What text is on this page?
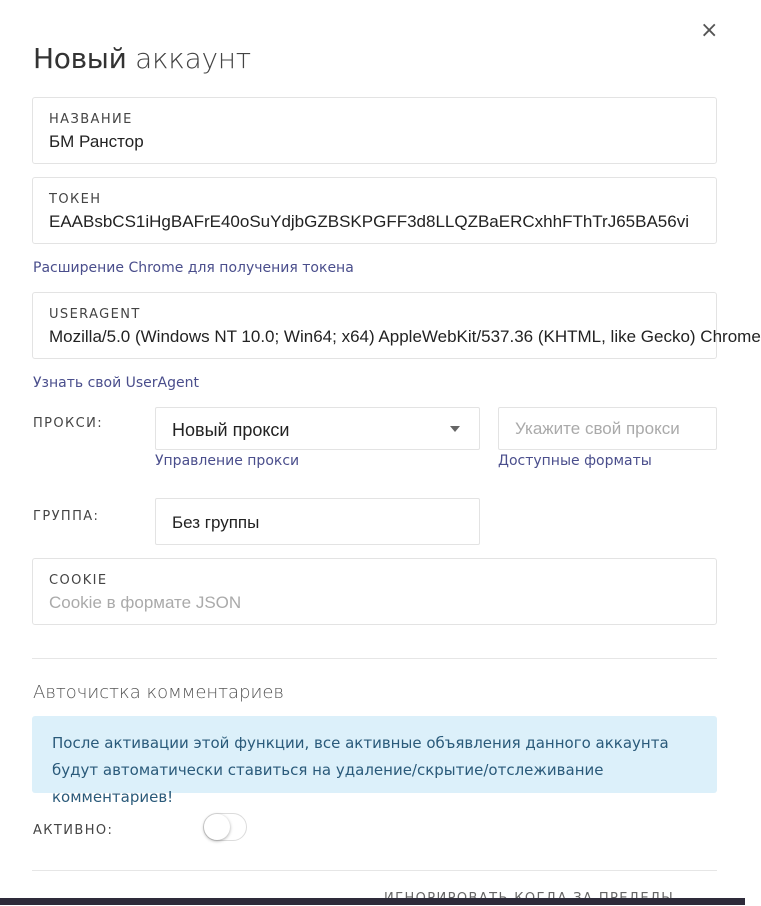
×
Новый аккаунт
НАЗВАНИЕ
БМ Ранстор
ТОКЕН
EAABsbCS1iHgBAFrE40oSuYdjbGZBSKPGFF3d8LLQZBaERCxhhFThTrJ65BA56vi
Расширение Chrome для получения токена
USERAGENT
Mozilla/5.0 (Windows NT 10.0; Win64; x64) AppleWebKit/537.36 (KHTML, like Gecko) Chrome
Узнать свой UserAgent
ПРОКСИ:	Новый прокси
Укажите свой прокси
Управление прокси	Доступные форматы
ГРУППА:	Без группы
COOKIE
Cookie в формате JSON
Авточистка комментариев
После активации этой функции, все активные объявления данного аккаунта будут автоматически ставиться на удаление/скрытие/отслеживание комментариев!
АКТИВНО:
